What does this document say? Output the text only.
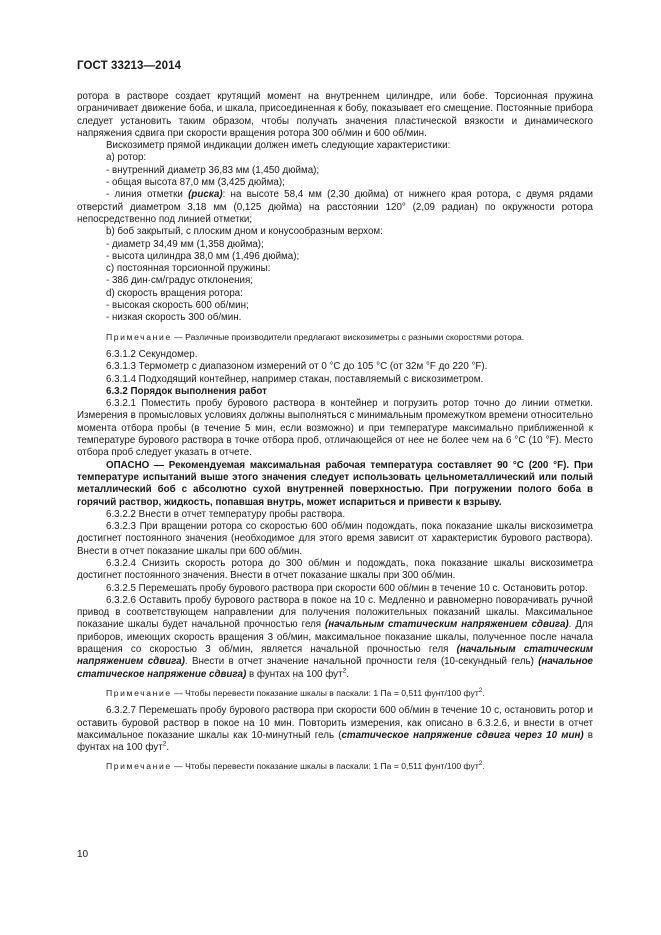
ГОСТ 33213—2014

ротора в растворе создает крутящий момент на внутреннем цилиндре, или бобе. Торсионная пружина ограничивает движение боба, и шкала, присоединенная к бобу, показывает его смещение. Постоянные прибора следует установить таким образом, чтобы получать значения пластической вязкости и динамического напряжения сдвига при скорости вращения ротора 300 об/мин и 600 об/мин.

Вискозиметр прямой индикации должен иметь следующие характеристики:

а) ротор:

- внутренний диаметр 36,83 мм (1,450 дюйма);

- общая высота 87,0 мм (3,425 дюйма);

- линия отметки (риска): на высоте 58,4 мм (2,30 дюйма) от нижнего края ротора, с двумя рядами отверстий диаметром 3,18 мм (0,125 дюйма) на расстоянии 120° (2,09 радиан) по окружности ротора непосредственно под линией отметки;

b) боб закрытый, с плоским дном и конусообразным верхом:

- диаметр 34,49 мм (1,358 дюйма);

- высота цилиндра 38,0 мм (1,496 дюйма);

с) постоянная торсионной пружины:

- 386 дин·см/градус отклонения;

d) скорость вращения ротора:

- высокая скорость 600 об/мин;

- низкая скорость 300 об/мин.

Примечание — Различные производители предлагают вискозиметры с разными скоростями ротора.

6.3.1.2 Секундомер.

6.3.1.3 Термометр с диапазоном измерений от 0 °С до 105 °С (от 32м °F до 220 °F).

6.3.1.4 Подходящий контейнер, например стакан, поставляемый с вискозиметром.

6.3.2 Порядок выполнения работ

6.3.2.1 Поместить пробу бурового раствора в контейнер и погрузить ротор точно до линии отметки. Измерения в промысловых условиях должны выполняться с минимальным промежутком времени относительно момента отбора пробы (в течение 5 мин, если возможно) и при температуре максимально приближенной к температуре бурового раствора в точке отбора проб, отличающейся от нее не более чем на 6 °С (10 °F). Место отбора проб следует указать в отчете.

ОПАСНО — Рекомендуемая максимальная рабочая температура составляет 90 °С (200 °F). При температуре испытаний выше этого значения следует использовать цельнометаллический или полый металлический боб с абсолютно сухой внутренней поверхностью. При погружении полого боба в горячий раствор, жидкость, попавшая внутрь, может испариться и привести к взрыву.

6.3.2.2 Внести в отчет температуру пробы раствора.

6.3.2.3 При вращении ротора со скоростью 600 об/мин подождать, пока показание шкалы вискозиметра достигнет постоянного значения (необходимое для этого время зависит от характеристик бурового раствора). Внести в отчет показание шкалы при 600 об/мин.

6.3.2.4 Снизить скорость ротора до 300 об/мин и подождать, пока показание шкалы вискозиметра достигнет постоянного значения. Внести в отчет показание шкалы при 300 об/мин.

6.3.2.5 Перемешать пробу бурового раствора при скорости 600 об/мин в течение 10 с. Остановить ротор.

6.3.2.6 Оставить пробу бурового раствора в покое на 10 с. Медленно и равномерно поворачивать ручной привод в соответствующем направлении для получения положительных показаний шкалы. Максимальное показание шкалы будет начальной прочностью геля (начальным статическим напряжением сдвига). Для приборов, имеющих скорость вращения 3 об/мин, максимальное показание шкалы, полученное после начала вращения со скоростью 3 об/мин, является начальной прочностью геля (начальным статическим напряжением сдвига). Внести в отчет значение начальной прочности геля (10-секундный гель) (начальное статическое напряжение сдвига) в фунтах на 100 фут$^2$.

Примечание — Чтобы перевести показание шкалы в паскали: 1 Па = 0,511 фунт/100 фут$^2$.

6.3.2.7 Перемешать пробу бурового раствора при скорости 600 об/мин в течение 10 с, остановить ротор и оставить буровой раствор в покое на 10 мин. Повторить измерения, как описано в 6.3.2.6, и внести в отчет максимальное показание шкалы как 10-минутный гель (статическое напряжение сдвига через 10 мин) в фунтах на 100 фут$^2$.

Примечание — Чтобы перевести показание шкалы в паскали: 1 Па = 0,511 фунт/100 фут$^2$.

10
